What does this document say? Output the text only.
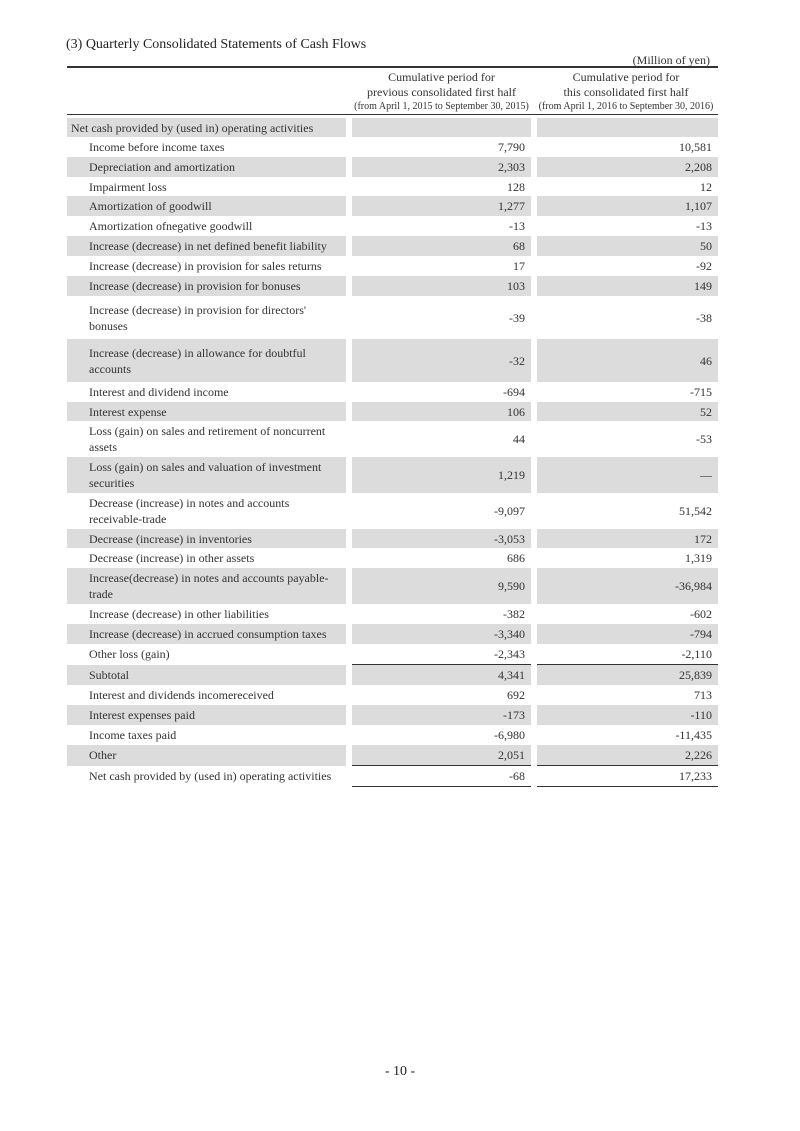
(3) Quarterly Consolidated Statements of Cash Flows
(Million of yen)
	Cumulative period for
previous consolidated first half
(from April 1, 2015 to September 30, 2015)	Cumulative period for
this consolidated first half
(from April 1, 2016 to September 30, 2016)

Net cash provided by (used in) operating activities		
Income before income taxes	7,790	10,581
Depreciation and amortization	2,303	2,208
Impairment loss	128	12
Amortization of goodwill	1,277	1,107
Amortization ofnegative goodwill	-13	-13
Increase (decrease) in net defined benefit liability	68	50
Increase (decrease) in provision for sales returns	17	-92
Increase (decrease) in provision for bonuses	103	149
Increase (decrease) in provision for directors' bonuses	-39	-38
Increase (decrease) in allowance for doubtful accounts	-32	46
Interest and dividend income	-694	-715
Interest expense	106	52
Loss (gain) on sales and retirement of noncurrent assets	44	-53
Loss (gain) on sales and valuation of investment securities	1,219	—
Decrease (increase) in notes and accounts receivable-trade	-9,097	51,542
Decrease (increase) in inventories	-3,053	172
Decrease (increase) in other assets	686	1,319
Increase(decrease) in notes and accounts payable-trade	9,590	-36,984
Increase (decrease) in other liabilities	-382	-602
Increase (decrease) in accrued consumption taxes	-3,340	-794
Other loss (gain)	-2,343	-2,110
Subtotal	4,341	25,839
Interest and dividends incomereceived	692	713
Interest expenses paid	-173	-110
Income taxes paid	-6,980	-11,435
Other	2,051	2,226
Net cash provided by (used in) operating activities	-68	17,233
- 10 -
